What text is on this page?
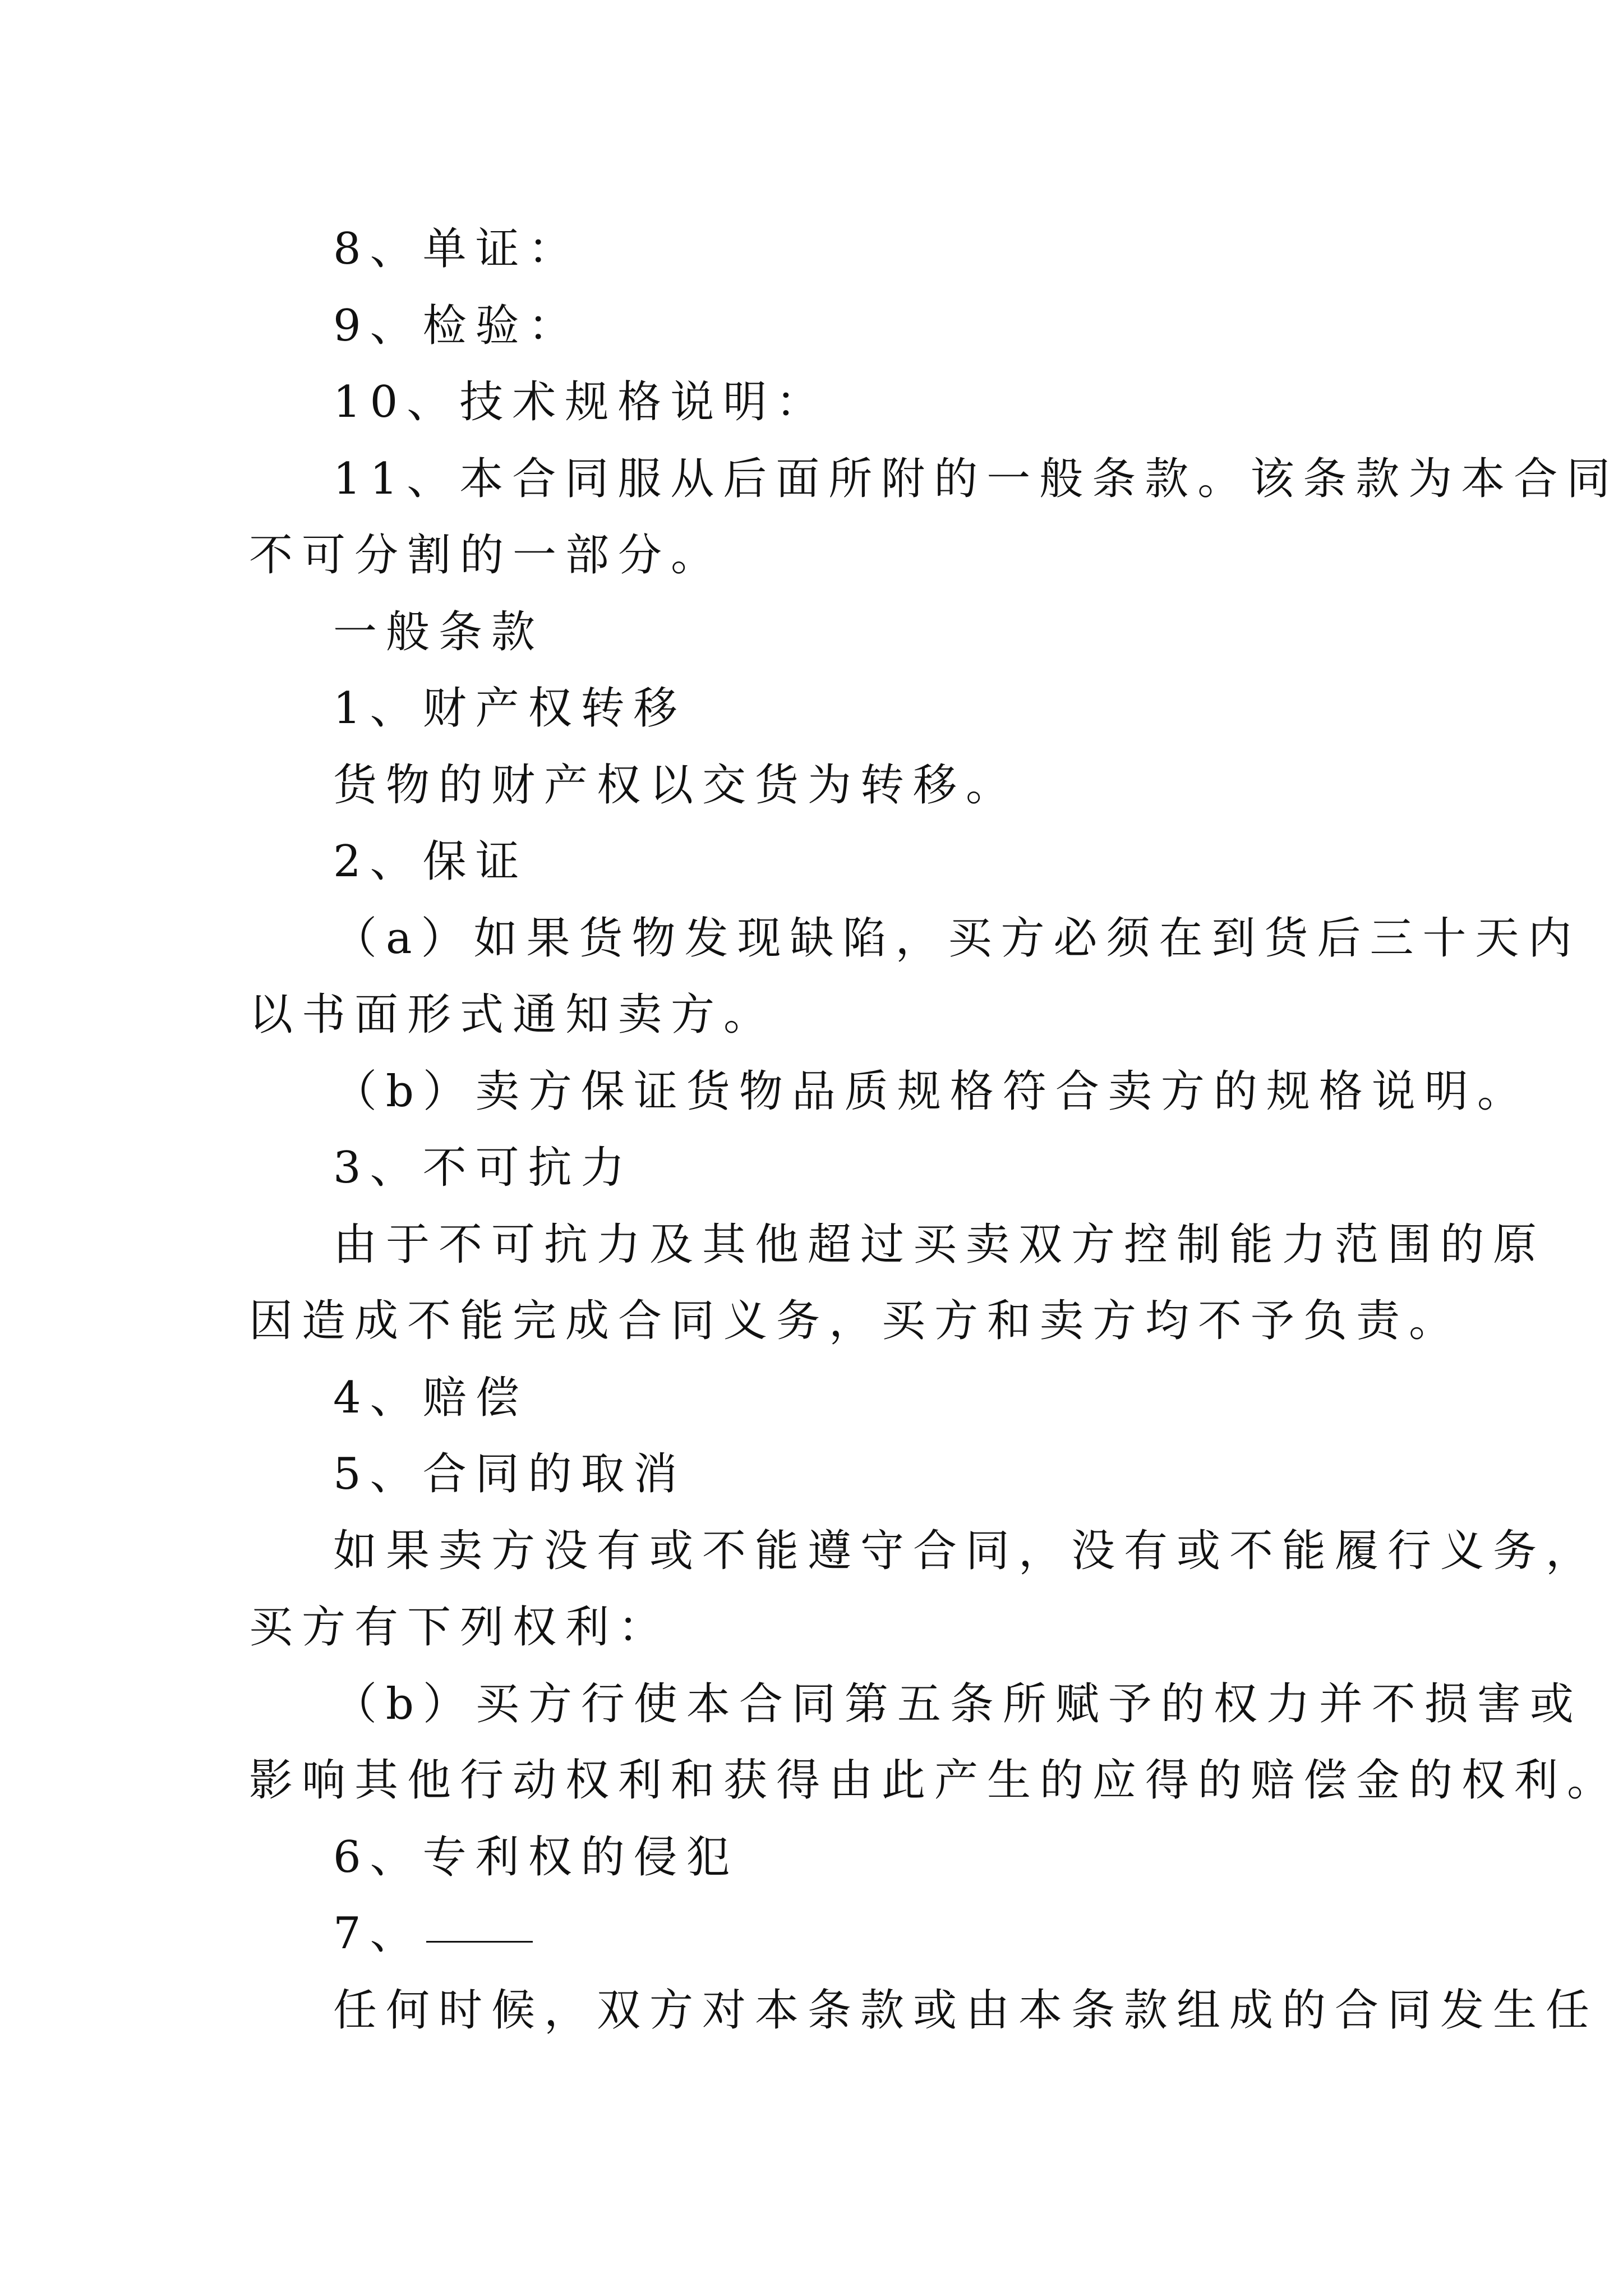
8、单证：

9、检验：

10、技术规格说明：

11、本合同服从后面所附的一般条款。该条款为本合同

不可分割的一部分。

一般条款

1、财产权转移

货物的财产权以交货为转移。

2、保证

（a）如果货物发现缺陷，买方必须在到货后三十天内

以书面形式通知卖方。

（b）卖方保证货物品质规格符合卖方的规格说明。

3、不可抗力

由于不可抗力及其他超过买卖双方控制能力范围的原

因造成不能完成合同义务，买方和卖方均不予负责。

4、赔偿

5、合同的取消

如果卖方没有或不能遵守合同，没有或不能履行义务，

买方有下列权利：

（b）买方行使本合同第五条所赋予的权力并不损害或

影响其他行动权利和获得由此产生的应得的赔偿金的权利。

6、专利权的侵犯

7、

任何时候，双方对本条款或由本条款组成的合同发生任
